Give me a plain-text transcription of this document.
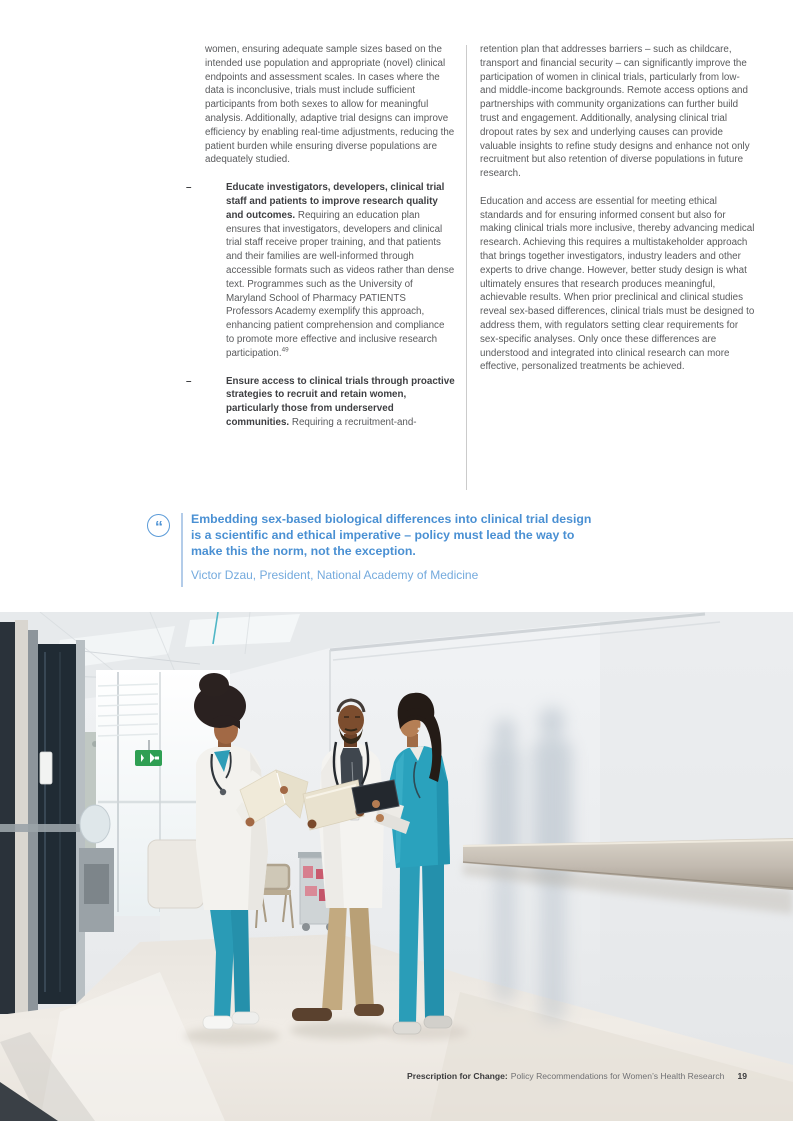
women, ensuring adequate sample sizes based on the intended use population and appropriate (novel) clinical endpoints and assessment scales. In cases where the data is inconclusive, trials must include sufficient participants from both sexes to allow for meaningful analysis. Additionally, adaptive trial designs can improve efficiency by enabling real-time adjustments, reducing the patient burden while ensuring diverse populations are adequately studied.

–	Educate investigators, developers, clinical trial staff and patients to improve research quality and outcomes. Requiring an education plan ensures that investigators, developers and clinical trial staff receive proper training, and that patients and their families are well-informed through accessible formats such as videos rather than dense text. Programmes such as the University of Maryland School of Pharmacy PATIENTS Professors Academy exemplify this approach, enhancing patient comprehension and compliance to promote more effective and inclusive research participation.$^{49}$

–	Ensure access to clinical trials through proactive strategies to recruit and retain women, particularly those from underserved communities. Requiring a recruitment-and-

retention plan that addresses barriers – such as childcare, transport and financial security – can significantly improve the participation of women in clinical trials, particularly from low- and middle-income backgrounds. Remote access options and partnerships with community organizations can further build trust and engagement. Additionally, analysing clinical trial dropout rates by sex and underlying causes can provide valuable insights to refine study designs and enhance not only recruitment but also retention of diverse populations in future research.

Education and access are essential for meeting ethical standards and for ensuring informed consent but also for making clinical trials more inclusive, thereby advancing medical research. Achieving this requires a multistakeholder approach that brings together investigators, industry leaders and other experts to drive change. However, better study design is what ultimately ensures that research produces meaningful, achievable results. When prior preclinical and clinical studies reveal sex-based differences, clinical trials must be designed to address them, with regulators setting clear requirements for sex-specific analyses. Only once these differences are understood and integrated into clinical research can more effective, personalized treatments be achieved.

“	Embedding sex-based biological differences into clinical trial design is a scientific and ethical imperative – policy must lead the way to make this the norm, not the exception.

Victor Dzau, President, National Academy of Medicine

Prescription for Change: Policy Recommendations for Women’s Health Research 19
